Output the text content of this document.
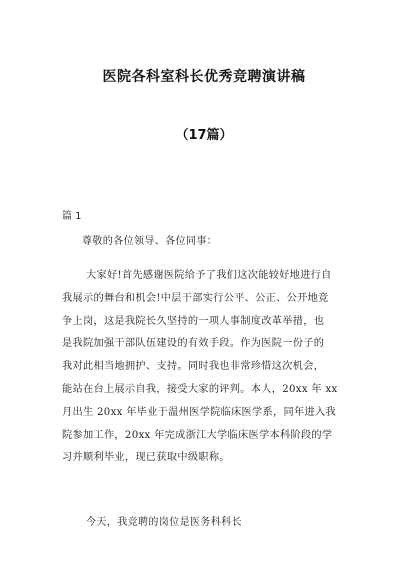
医院各科室科长优秀竞聘演讲稿
（17篇）
篇 1
尊敬的各位领导、各位同事：
大家好!首先感谢医院给予了我们这次能较好地进行自
我展示的舞台和机会!中层干部实行公平、公正、公开地竞
争上岗，这是我院长久坚持的一项人事制度改革举措，也
是我院加强干部队伍建设的有效手段。作为医院一份子的
我对此相当地拥护、支持。同时我也非常珍惜这次机会，
能站在台上展示自我，接受大家的评判。本人，20xx 年 xx
月出生 20xx 年毕业于温州医学院临床医学系，同年进入我
院参加工作，20xx 年完成浙江大学临床医学本科阶段的学
习并顺利毕业，现已获取中级职称。
今天，我竞聘的岗位是医务科科长
